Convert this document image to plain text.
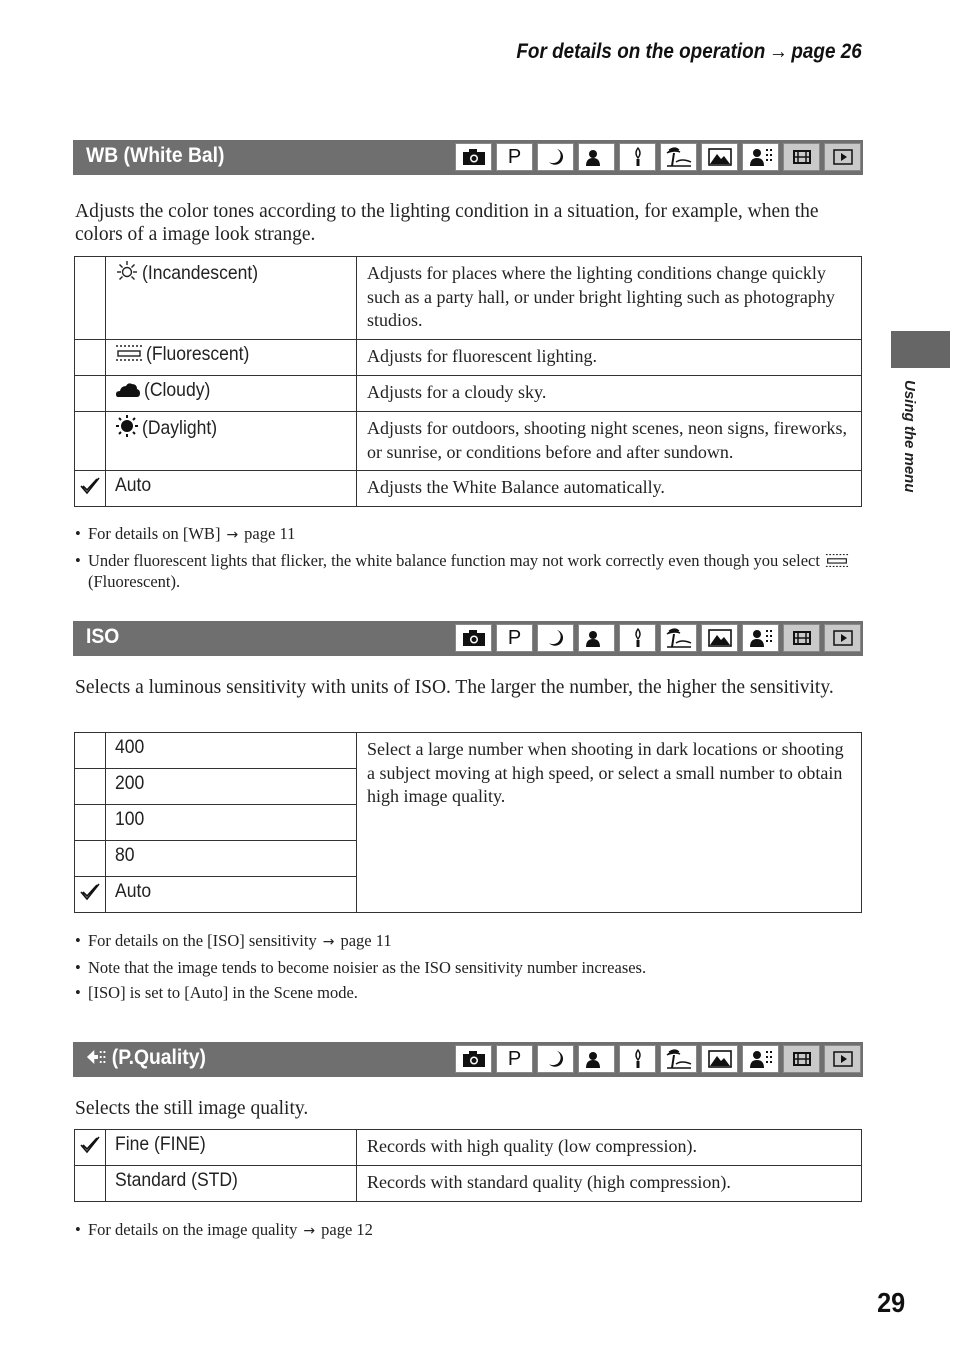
For details on the operation → page 26
Using the menu
WB (White Bal)	P
Adjusts the color tones according to the lighting condition in a situation, for example, when the colors of a image look strange.
	(Incandescent)	Adjusts for places where the lighting conditions change quickly such as a party hall, or under bright lighting such as photography studios.
	(Fluorescent)	Adjusts for fluorescent lighting.
	(Cloudy)	Adjusts for a cloudy sky.
	(Daylight)	Adjusts for outdoors, shooting night scenes, neon signs, fireworks, or sunrise, or conditions before and after sundown.
	Auto	Adjusts the White Balance automatically.
• For details on [WB] → page 11
• Under fluorescent lights that flicker, the white balance function may not work correctly even though you select (Fluorescent).
ISO	P
Selects a luminous sensitivity with units of ISO. The larger the number, the higher the sensitivity.
	400	Select a large number when shooting in dark locations or shooting a subject moving at high speed, or select a small number to obtain high image quality.
	200	
	100	
	80	
	Auto	
• For details on the [ISO] sensitivity → page 11
• Note that the image tends to become noisier as the ISO sensitivity number increases.
• [ISO] is set to [Auto] in the Scene mode.
(P.Quality)	P
Selects the still image quality.
	Fine (FINE)	Records with high quality (low compression).
	Standard (STD)	Records with standard quality (high compression).
• For details on the image quality → page 12
29
